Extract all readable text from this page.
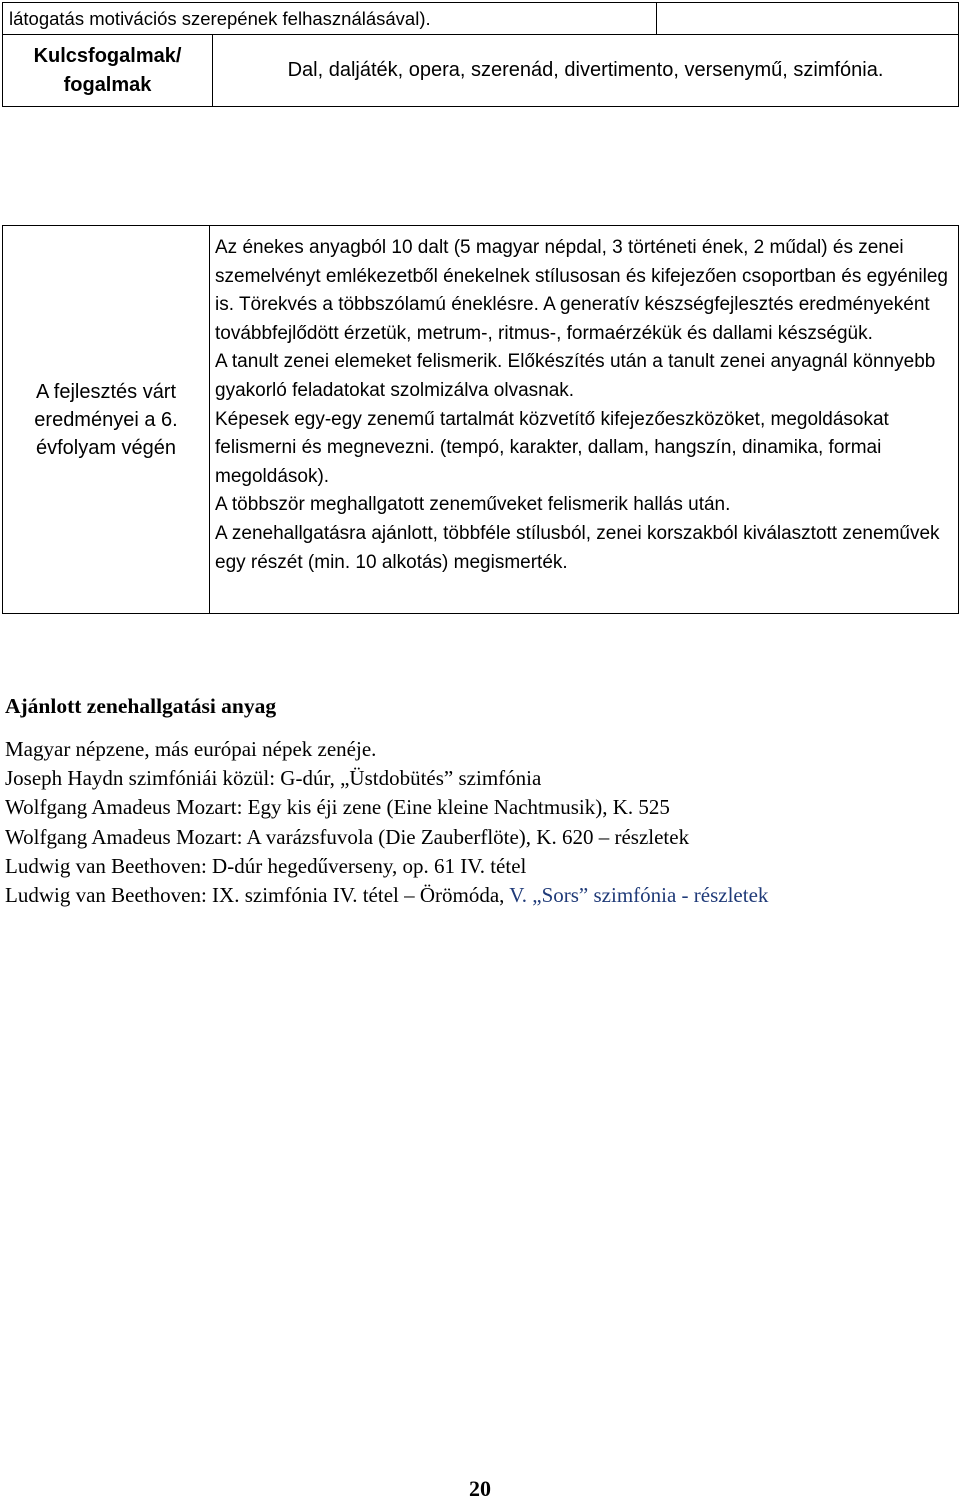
látogatás motivációs szerepének felhasználásával).		

Kulcsfogalmak/
fogalmak	Dal, daljáték, opera, szerenád, divertimento, versenymű, szimfónia.	
A fejlesztés várt
eredményei a 6.
évfolyam végén
	Az énekes anyagból 10 dalt (5 magyar népdal, 3 történeti ének, 2 műdal) és zenei szemelvényt emlékezetből énekelnek stílusosan és kifejezően csoportban és egyénileg is. Törekvés a többszólamú éneklésre. A generatív készségfejlesztés eredményeként továbbfejlődött érzetük, metrum-, ritmus-, formaérzékük és dallami készségük.
A tanult zenei elemeket felismerik. Előkészítés után a tanult zenei anyagnál könnyebb gyakorló feladatokat szolmizálva olvasnak.
Képesek egy-egy zenemű tartalmát közvetítő kifejezőeszközöket, megoldásokat felismerni és megnevezni. (tempó, karakter, dallam, hangszín, dinamika, formai megoldások).
A többször meghallgatott zeneműveket felismerik hallás után.
A zenehallgatásra ajánlott, többféle stílusból, zenei korszakból kiválasztott zeneművek egy részét (min. 10 alkotás) megismerték.
Ajánlott zenehallgatási anyag
Magyar népzene, más európai népek zenéje.
Joseph Haydn szimfóniái közül: G-dúr, „Üstdobütés” szimfónia
Wolfgang Amadeus Mozart: Egy kis éji zene (Eine kleine Nachtmusik), K. 525
Wolfgang Amadeus Mozart: A varázsfuvola (Die Zauberflöte), K. 620 – részletek
Ludwig van Beethoven: D-dúr hegedűverseny, op. 61 IV. tétel
Ludwig van Beethoven: IX. szimfónia IV. tétel – Örömóda, V. „Sors” szimfónia - részletek
20
